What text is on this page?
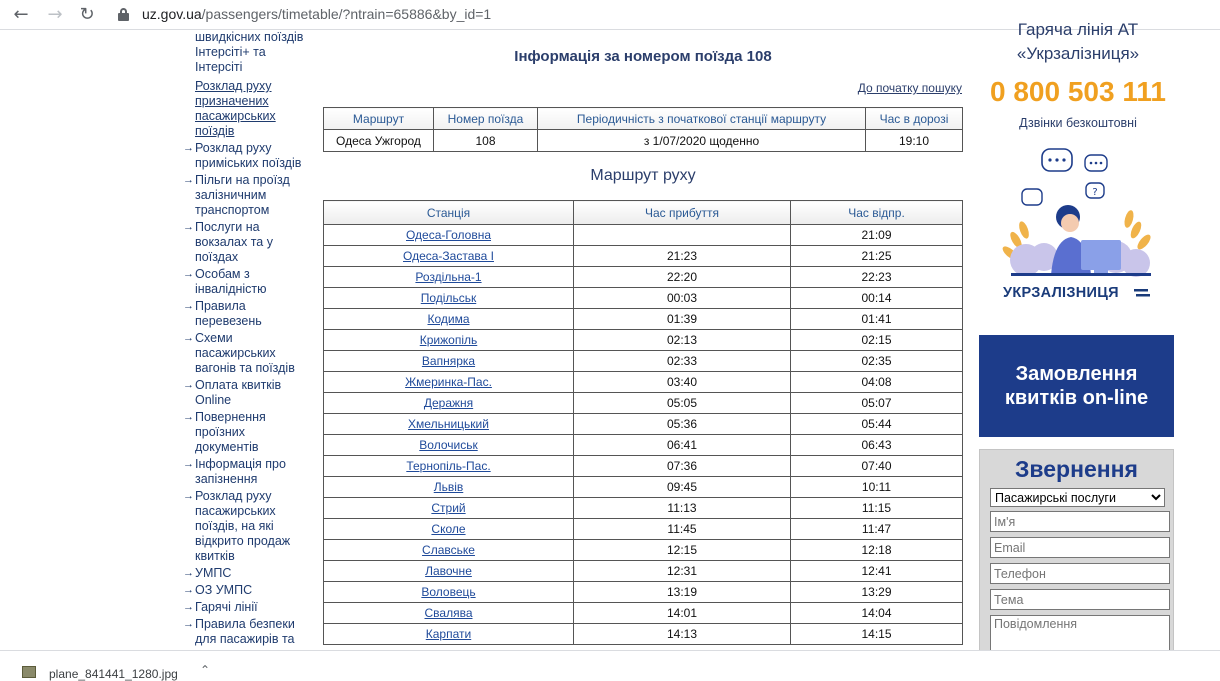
← → ↻	uz.gov.ua/passengers/timetable/?ntrain=65886&by_id=1
швидкісних поїздів Інтерсіті+ та Інтерсіті
Розклад руху призначених пасажирських поїздів
→ Розклад руху приміських поїздів
→ Пільги на проїзд залізничним транспортом
→ Послуги на вокзалах та у поїздах
→ Особам з інвалідністю
→ Правила перевезень
→ Схеми пасажирських вагонів та поїздів
→ Оплата квитків Online
→ Повернення проїзних документів
→ Інформація про запізнення
→ Розклад руху пасажирських поїздів, на які відкрито продаж квитків
→ УМПС
→ ОЗ УМПС
→ Гарячі лінії
→ Правила безпеки для пасажирів та
Інформація за номером поїзда 108
До початку пошуку
Маршрут	Номер поїзда	Періодичність з початкової станції маршруту	Час в дорозі
Одеса Ужгород	108	з 1/07/2020 щоденно	19:10
Маршрут руху
Станція	Час прибуття	Час відпр.
Одеса-Головна		21:09
Одеса-Застава І	21:23	21:25
Роздільна-1	22:20	22:23
Подільськ	00:03	00:14
Кодима	01:39	01:41
Крижопіль	02:13	02:15
Вапнярка	02:33	02:35
Жмеринка-Пас.	03:40	04:08
Деражня	05:05	05:07
Хмельницький	05:36	05:44
Волочиськ	06:41	06:43
Тернопіль-Пас.	07:36	07:40
Львів	09:45	10:11
Стрий	11:13	11:15
Сколе	11:45	11:47
Славське	12:15	12:18
Лавочне	12:31	12:41
Воловець	13:19	13:29
Свалява	14:01	14:04
Карпати	14:13	14:15
Гаряча лінія АТ «Укрзалізниця»
0 800 503 111
Дзвінки безкоштовні
?
УКРЗАЛІЗНИЦЯ
Замовлення квитків on-line
Звернення
Пасажирські послуги
Ім'я
Email
Телефон
Тема
Повідомлення
plane_841441_1280.jpg ⌃
